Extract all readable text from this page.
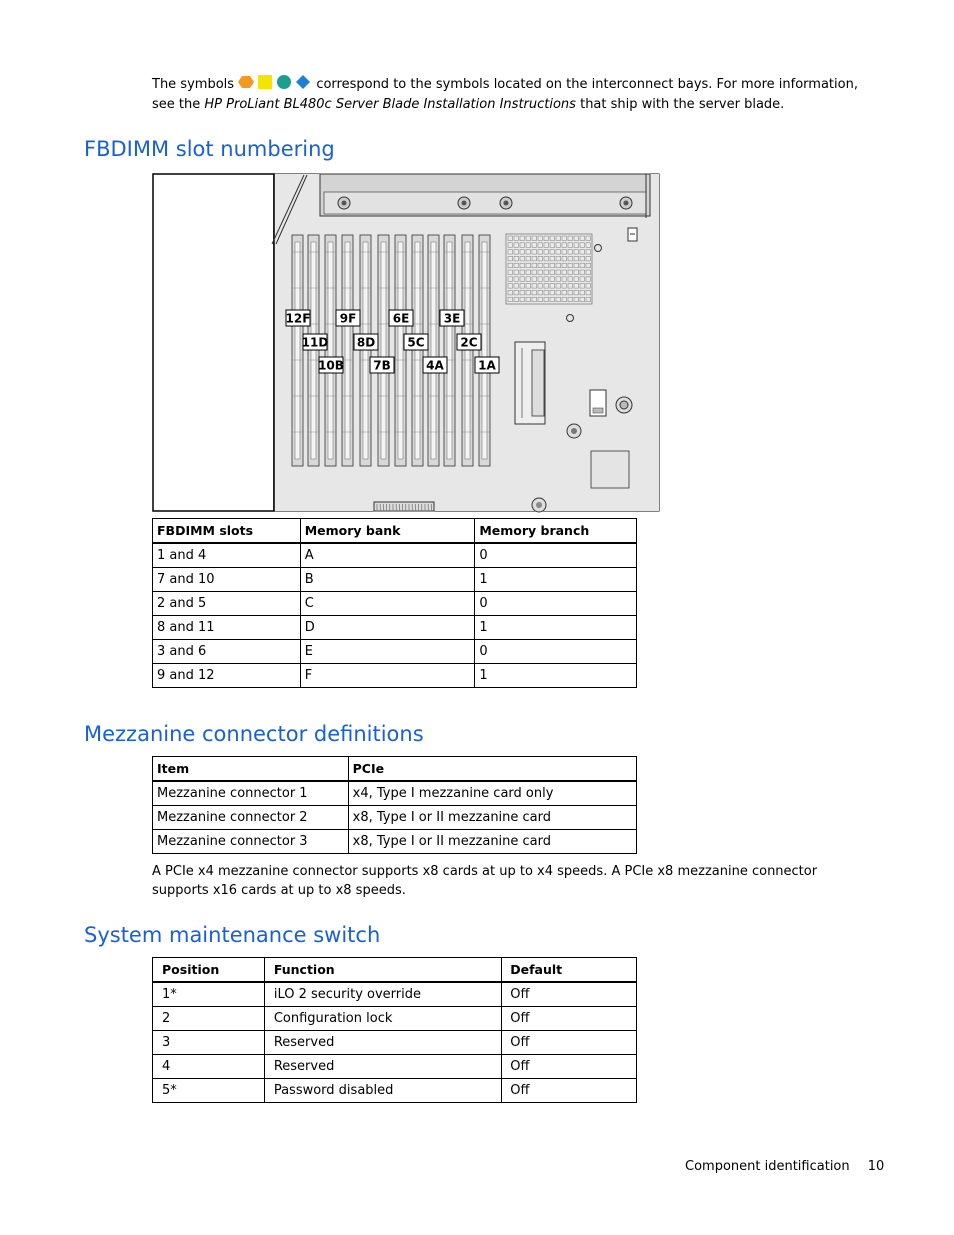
The symbols	correspond to the symbols located on the interconnect bays. For more information, see the HP ProLiant BL480c Server Blade Installation Instructions that ship with the server blade.
FBDIMM slot numbering
12F 9F	6E	3E
11D 8D	5C	2C
10B 7B	4A	1A
FBDIMM slots	Memory bank	Memory branch
1 and 4	A	0
7 and 10	B	1
2 and 5	C	0
8 and 11	D	1
3 and 6	E	0
9 and 12	F	1
Mezzanine connector definitions
Item	PCIe
Mezzanine connector 1	x4, Type I mezzanine card only
Mezzanine connector 2	x8, Type I or II mezzanine card
Mezzanine connector 3	x8, Type I or II mezzanine card
A PCIe x4 mezzanine connector supports x8 cards at up to x4 speeds. A PCIe x8 mezzanine connector supports x16 cards at up to x8 speeds.
System maintenance switch
Position	Function	Default
1*	iLO 2 security override	Off
2	Configuration lock	Off
3	Reserved	Off
4	Reserved	Off
5*	Password disabled	Off
Component identification 10
